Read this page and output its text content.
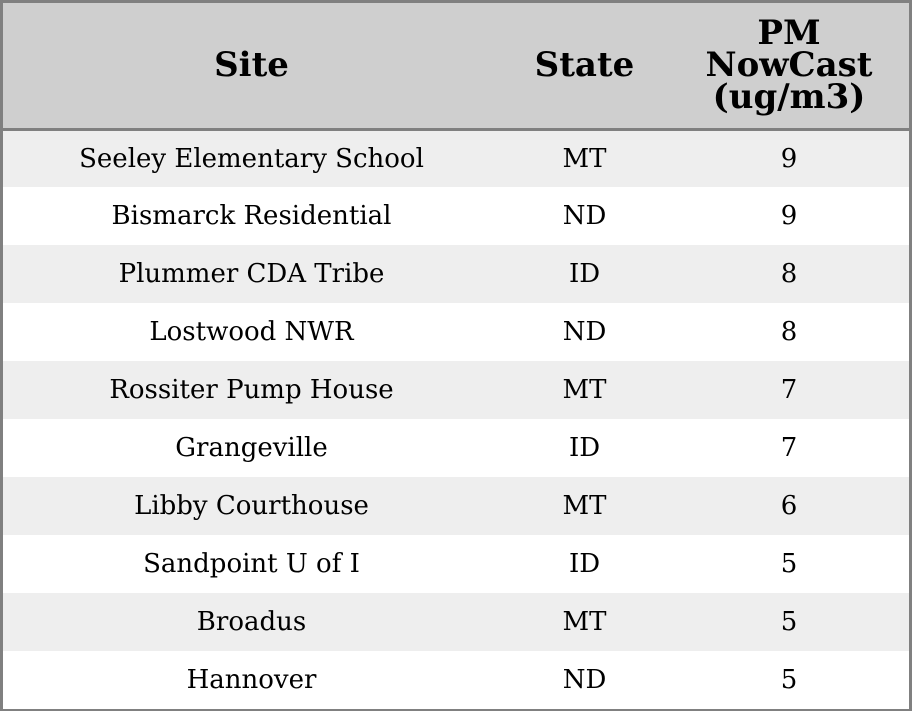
Site	State	PM
NowCast
(ug/m3)

Seeley Elementary School	MT	9
Bismarck Residential	ND	9
Plummer CDA Tribe	ID	8
Lostwood NWR	ND	8
Rossiter Pump House	MT	7
Grangeville	ID	7
Libby Courthouse	MT	6
Sandpoint U of I	ID	5
Broadus	MT	5
Hannover	ND	5
